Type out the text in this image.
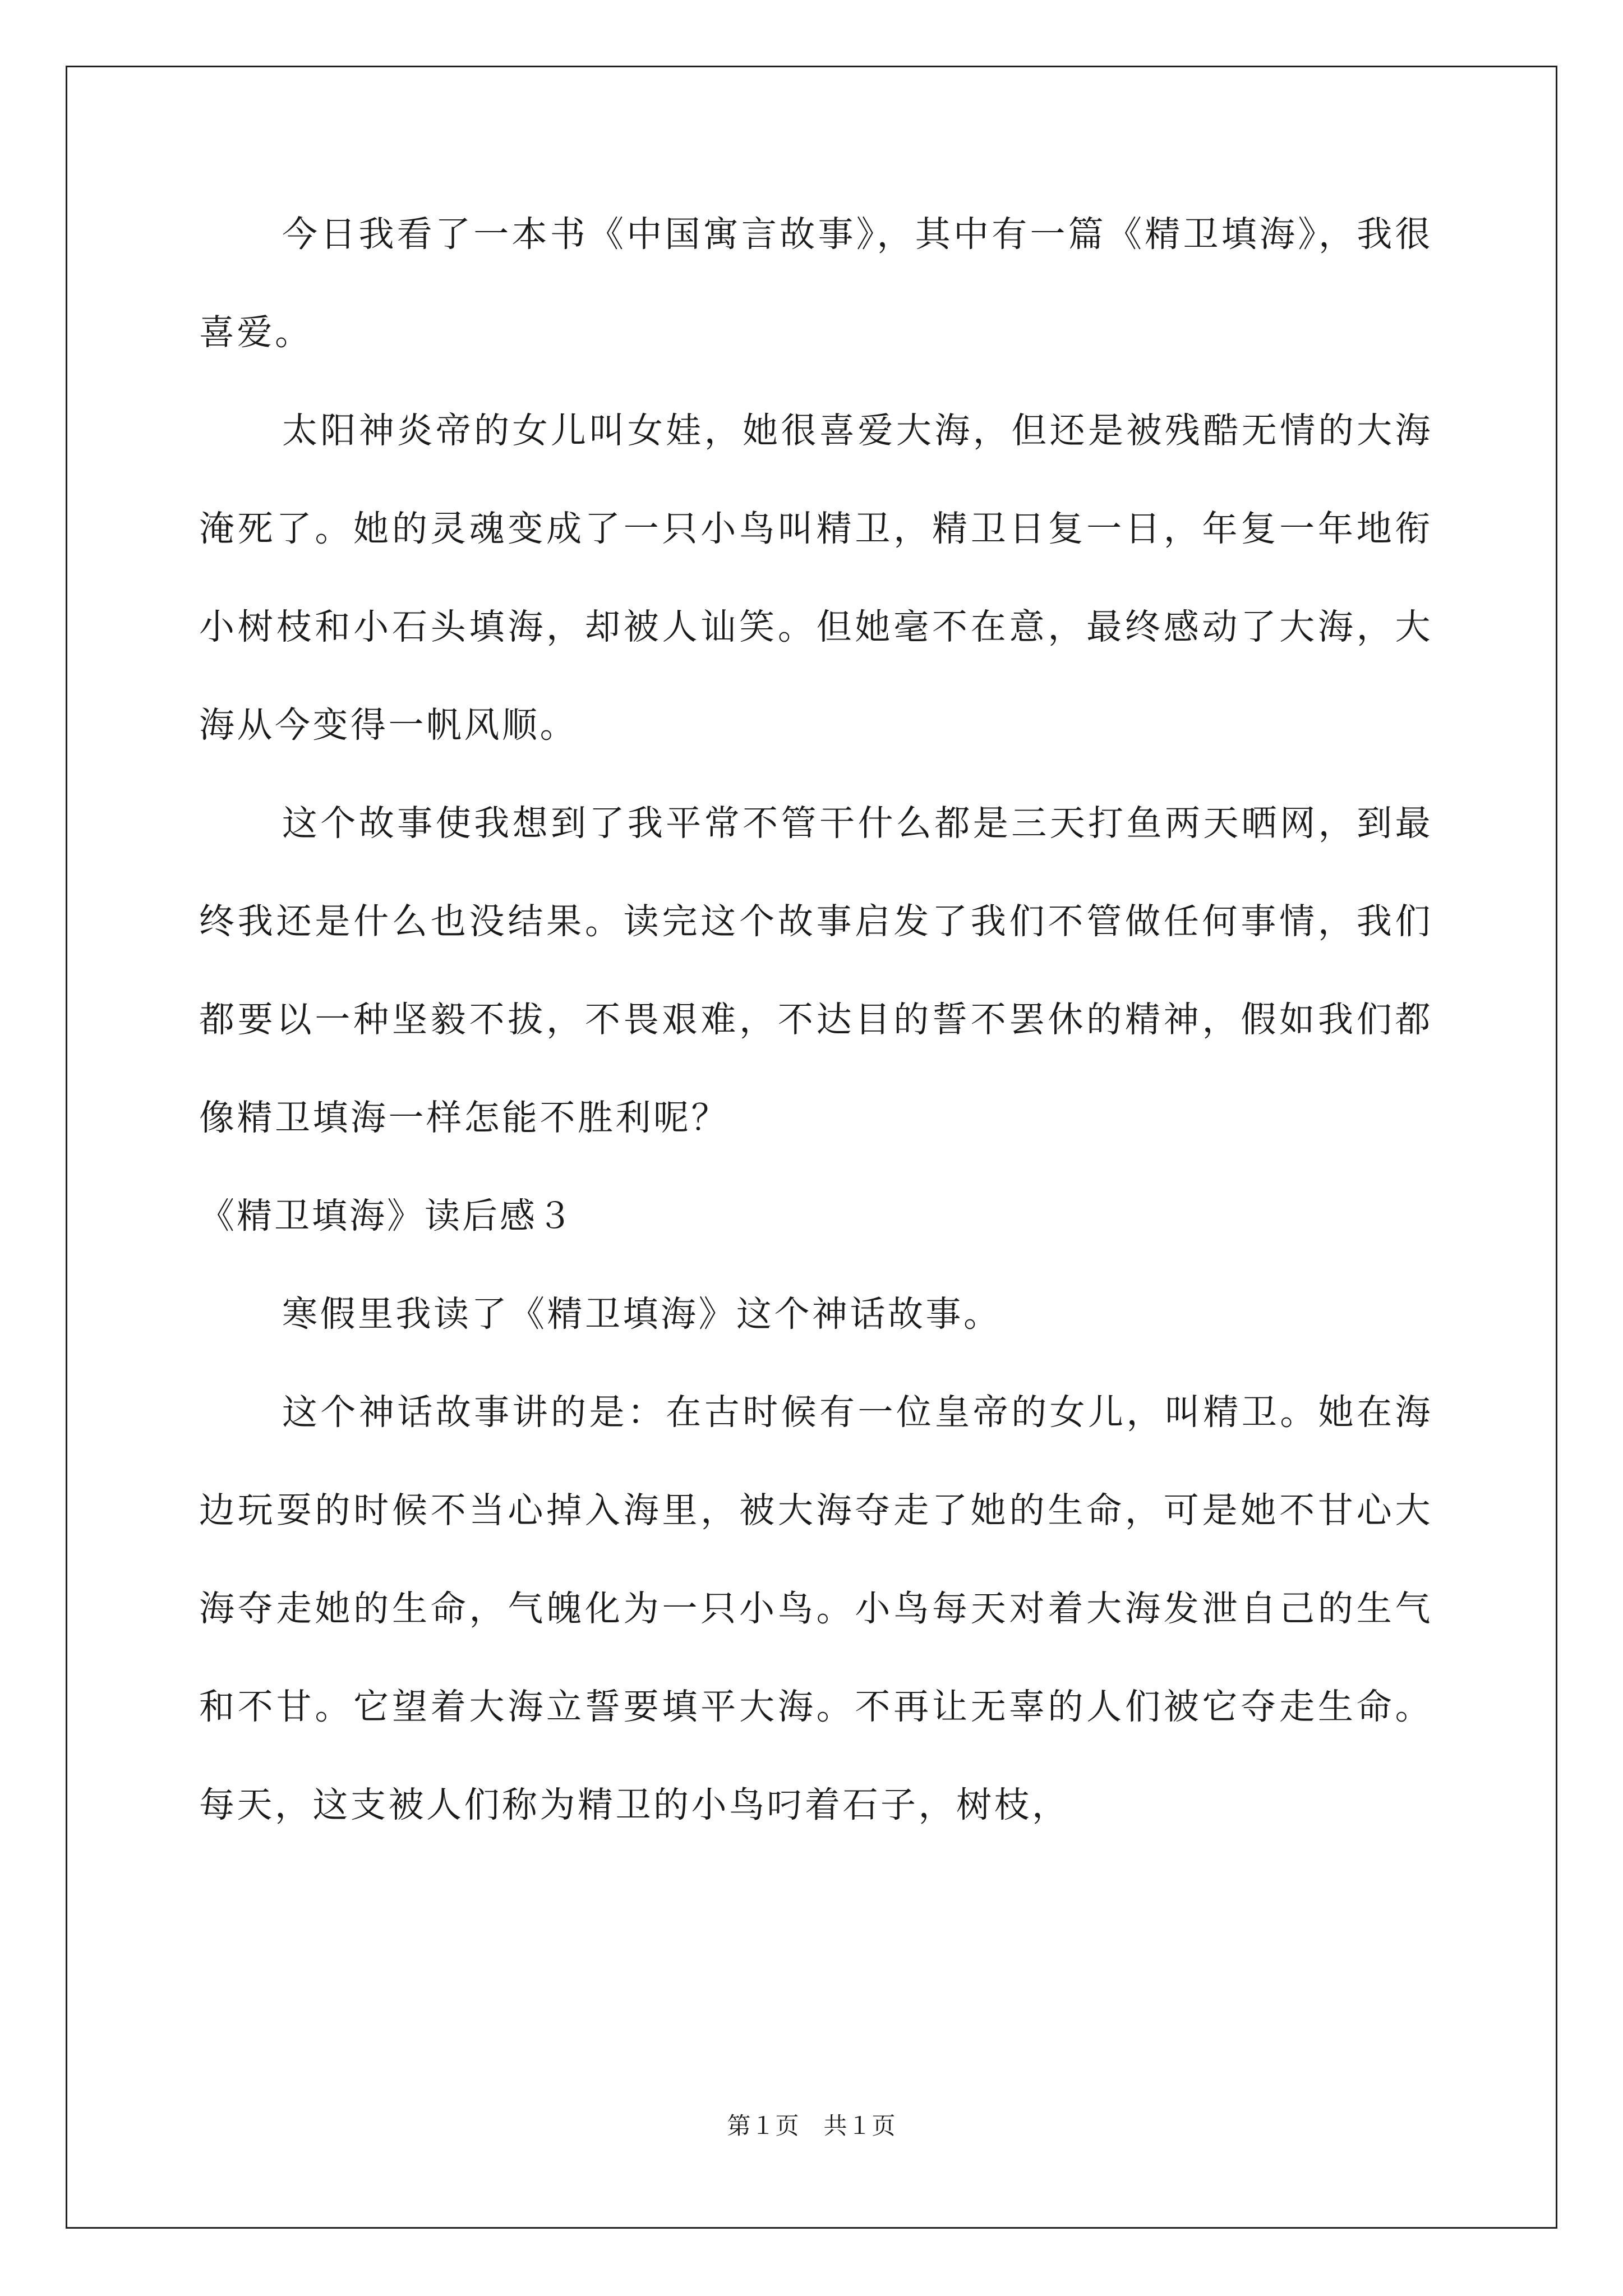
今日我看了一本书《中国寓言故事》，其中有一篇《精卫填海》，我很喜爱。

太阳神炎帝的女儿叫女娃，她很喜爱大海，但还是被残酷无情的大海淹死了。她的灵魂变成了一只小鸟叫精卫，精卫日复一日，年复一年地衔小树枝和小石头填海，却被人讪笑。但她毫不在意，最终感动了大海，大海从今变得一帆风顺。

这个故事使我想到了我平常不管干什么都是三天打鱼两天晒网，到最终我还是什么也没结果。读完这个故事启发了我们不管做任何事情，我们都要以一种坚毅不拔，不畏艰难，不达目的誓不罢休的精神，假如我们都像精卫填海一样怎能不胜利呢？

《精卫填海》读后感３

寒假里我读了《精卫填海》这个神话故事。

这个神话故事讲的是：在古时候有一位皇帝的女儿，叫精卫。她在海边玩耍的时候不当心掉入海里，被大海夺走了她的生命，可是她不甘心大海夺走她的生命，气魄化为一只小鸟。小鸟每天对着大海发泄自己的生气和不甘。它望着大海立誓要填平大海。不再让无辜的人们被它夺走生命。每天，这支被人们称为精卫的小鸟叼着石子，树枝，

第１页　共１页
